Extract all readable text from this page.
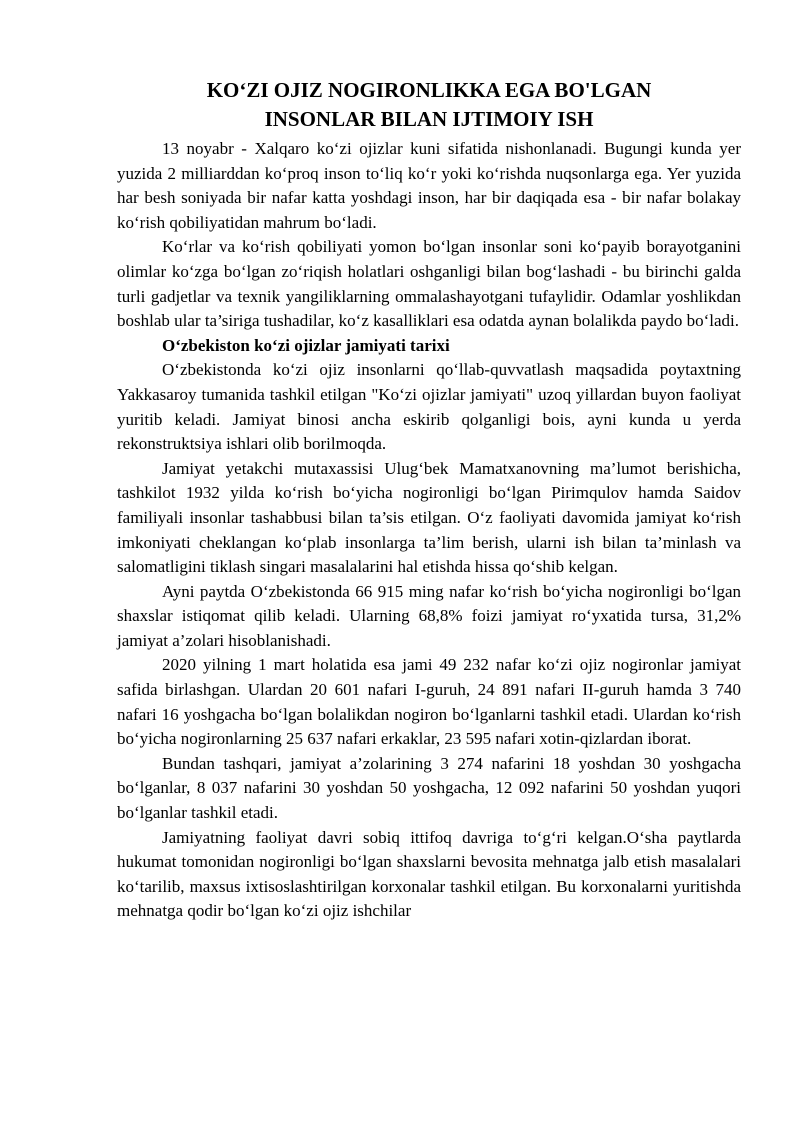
KO‘ZI OJIZ NOGIRONLIKKA EGA BO'LGAN
INSONLAR BILAN IJTIMOIY ISH

13 noyabr - Xalqaro ko‘zi ojizlar kuni sifatida nishonlanadi. Bugungi kunda yer yuzida 2 milliarddan ko‘proq inson to‘liq ko‘r yoki ko‘rishda nuqsonlarga ega. Yer yuzida har besh soniyada bir nafar katta yoshdagi inson, har bir daqiqada esa - bir nafar bolakay ko‘rish qobiliyatidan mahrum bo‘ladi.

Ko‘rlar va ko‘rish qobiliyati yomon bo‘lgan insonlar soni ko‘payib borayotganini olimlar ko‘zga bo‘lgan zo‘riqish holatlari oshganligi bilan bog‘lashadi - bu birinchi galda turli gadjetlar va texnik yangiliklarning ommalashayotgani tufaylidir. Odamlar yoshlikdan boshlab ular ta’siriga tushadilar, ko‘z kasalliklari esa odatda aynan bolalikda paydo bo‘ladi.

O‘zbekiston ko‘zi ojizlar jamiyati tarixi

O‘zbekistonda ko‘zi ojiz insonlarni qo‘llab-quvvatlash maqsadida poytaxtning Yakkasaroy tumanida tashkil etilgan "Ko‘zi ojizlar jamiyati" uzoq yillardan buyon faoliyat yuritib keladi. Jamiyat binosi ancha eskirib qolganligi bois, ayni kunda u yerda rekonstruktsiya ishlari olib borilmoqda.

Jamiyat yetakchi mutaxassisi Ulug‘bek Mamatxanovning ma’lumot berishicha, tashkilot 1932 yilda ko‘rish bo‘yicha nogironligi bo‘lgan Pirimqulov hamda Saidov familiyali insonlar tashabbusi bilan ta’sis etilgan. O‘z faoliyati davomida jamiyat ko‘rish imkoniyati cheklangan ko‘plab insonlarga ta’lim berish, ularni ish bilan ta’minlash va salomatligini tiklash singari masalalarini hal etishda hissa qo‘shib kelgan.

Ayni paytda O‘zbekistonda 66 915 ming nafar ko‘rish bo‘yicha nogironligi bo‘lgan shaxslar istiqomat qilib keladi. Ularning 68,8% foizi jamiyat ro‘yxatida tursa, 31,2% jamiyat a’zolari hisoblanishadi.

2020 yilning 1 mart holatida esa jami 49 232 nafar ko‘zi ojiz nogironlar jamiyat safida birlashgan. Ulardan 20 601 nafari I-guruh, 24 891 nafari II-guruh hamda 3 740 nafari 16 yoshgacha bo‘lgan bolalikdan nogiron bo‘lganlarni tashkil etadi. Ulardan ko‘rish bo‘yicha nogironlarning 25 637 nafari erkaklar, 23 595 nafari xotin-qizlardan iborat.

Bundan tashqari, jamiyat a’zolarining 3 274 nafarini 18 yoshdan 30 yoshgacha bo‘lganlar, 8 037 nafarini 30 yoshdan 50 yoshgacha, 12 092 nafarini 50 yoshdan yuqori bo‘lganlar tashkil etadi.

Jamiyatning faoliyat davri sobiq ittifoq davriga to‘g‘ri kelgan.O‘sha paytlarda hukumat tomonidan nogironligi bo‘lgan shaxslarni bevosita mehnatga jalb etish masalalari ko‘tarilib, maxsus ixtisoslashtirilgan korxonalar tashkil etilgan. Bu korxonalarni yuritishda mehnatga qodir bo‘lgan ko‘zi ojiz ishchilar
